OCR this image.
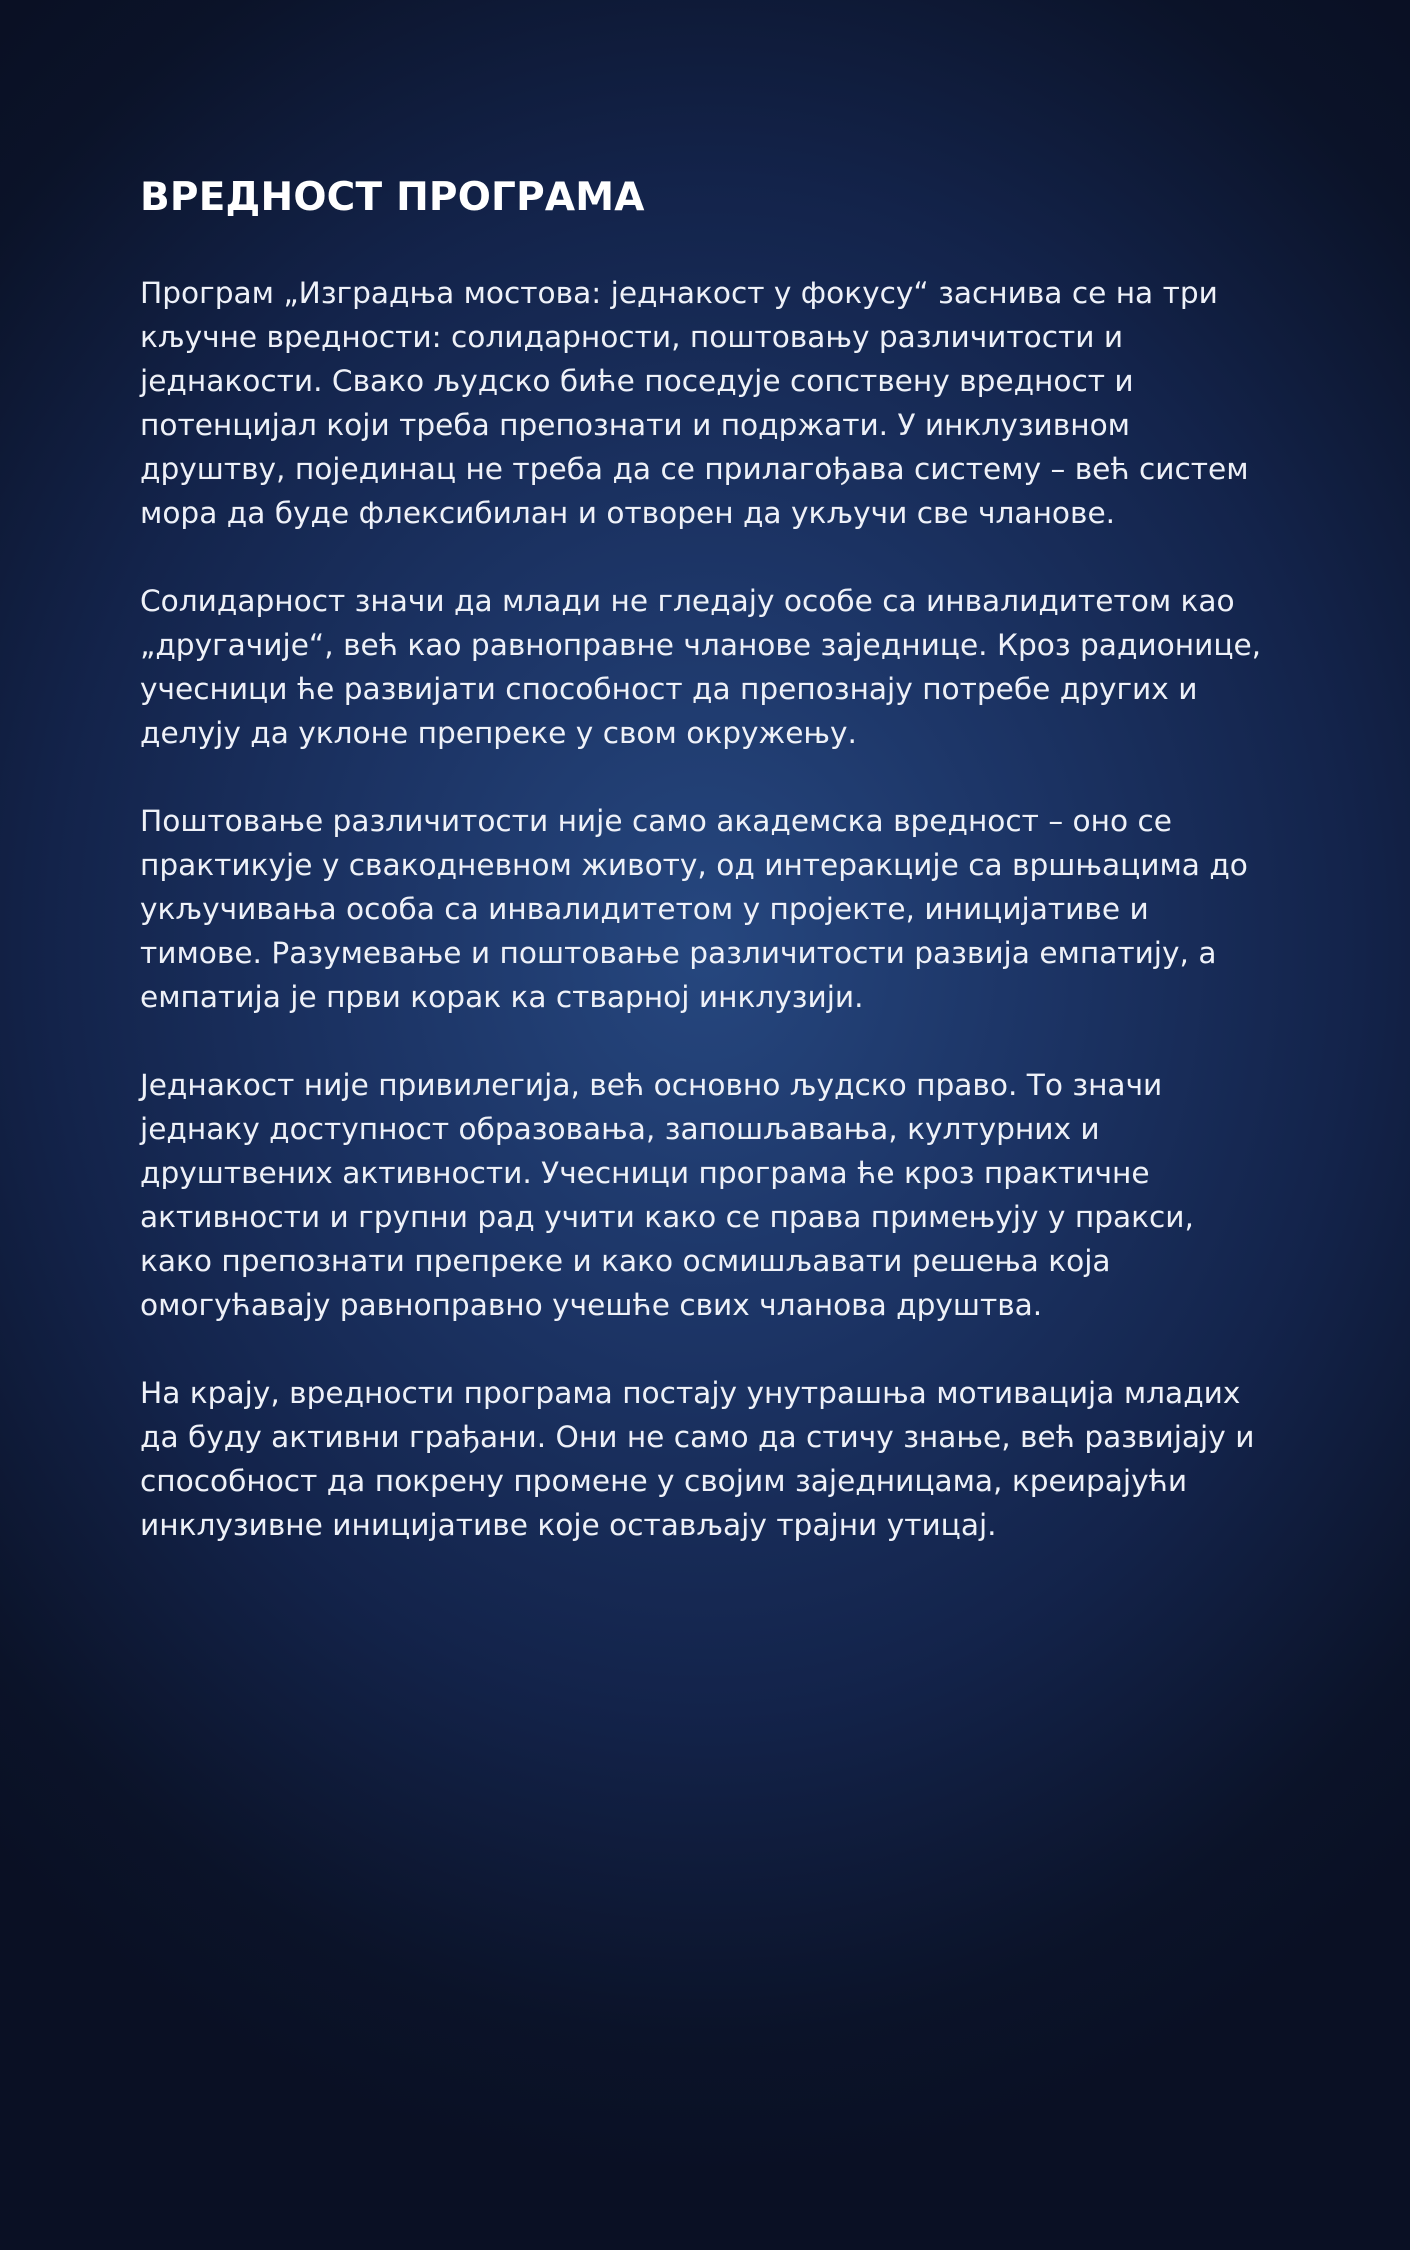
ВРЕДНОСТ ПРОГРАМА

Програм „Изградња мостова: једнакост у фокусу“ заснива се на три кључне вредности: солидарности, поштовању различитости и једнакости. Свако људско биће поседује сопствену вредност и потенцијал који треба препознати и подржати. У инклузивном друштву, појединац не треба да се прилагођава систему – већ систем мора да буде флексибилан и отворен да укључи све чланове.

Солидарност значи да млади не гледају особе са инвалидитетом као „другачије“, већ као равноправне чланове заједнице. Кроз радионице, учесници ће развијати способност да препознају потребе других и делују да уклоне препреке у свом окружењу.

Поштовање различитости није само академска вредност – оно се практикује у свакодневном животу, од интеракције са вршњацима до укључивања особа са инвалидитетом у пројекте, иницијативе и тимове. Разумевање и поштовање различитости развија емпатију, а емпатија је први корак ка стварној инклузији.

Једнакост није привилегија, већ основно људско право. То значи једнаку доступност образовања, запошљавања, културних и друштвених активности. Учесници програма ће кроз практичне активности и групни рад учити како се права примењују у пракси, како препознати препреке и како осмишљавати решења која омогућавају равноправно учешће свих чланова друштва.

На крају, вредности програма постају унутрашња мотивација младих да буду активни грађани. Они не само да стичу знање, већ развијају и способност да покрену промене у својим заједницама, креирајући инклузивне иницијативе које остављају трајни утицај.
